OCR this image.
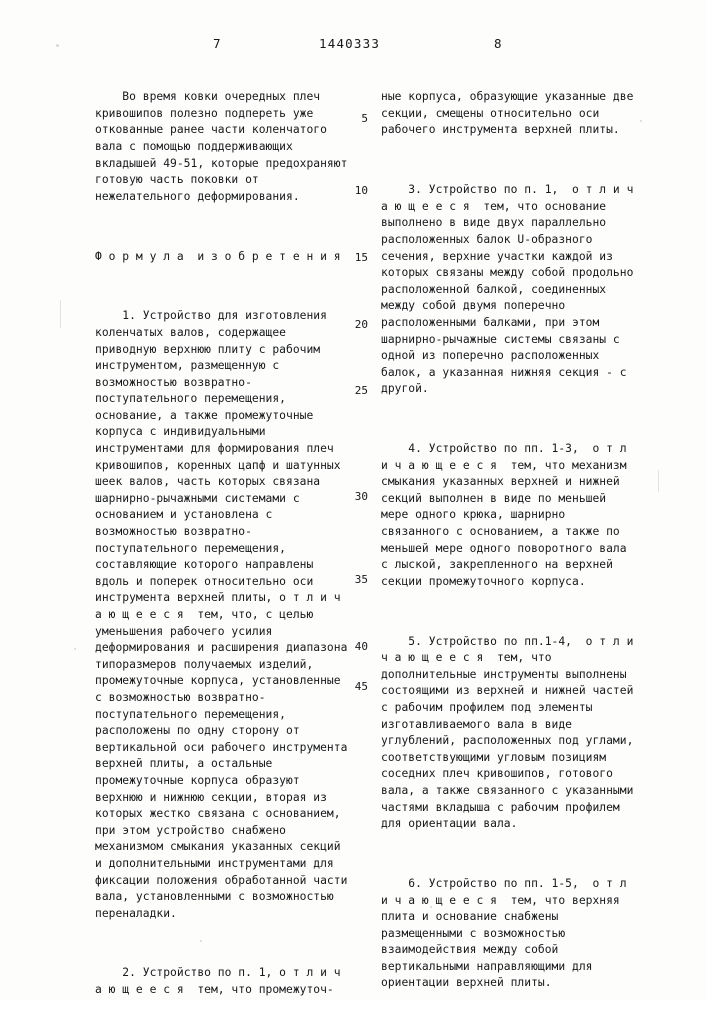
7	1440333	8

Во время ковки очередных плеч кривошипов полезно подпереть уже откованные ранее части коленчатого вала с помощью поддерживающих вкладышей 49-51, которые предохраняют готовую часть поковки от нежелательного деформирования.

Ф о р м у л а  и з о б р е т е н и я

1. Устройство для изготовления коленчатых валов, содержащее приводную верхнюю плиту с рабочим инструментом, размещенную с возможностью возвратно-поступательного перемещения, основание, а также промежуточные корпуса с индивидуальными инструментами для формирования плеч кривошипов, коренных цапф и шатунных шеек валов, часть которых связана шарнирно-рычажными системами с основанием и установлена с возможностью возвратно-поступательного перемещения, составляющие которого направлены вдоль и поперек относительно оси инструмента верхней плиты, о т л и ч а ю щ е е с я  тем, что, с целью уменьшения рабочего усилия деформирования и расширения диапазона типоразмеров получаемых изделий, промежуточные корпуса, установленные с возможностью возвратно-поступательного перемещения, расположены по одну сторону от вертикальной оси рабочего инструмента верхней плиты, а остальные промежуточные корпуса образуют верхнюю и нижнюю секции, вторая из которых жестко связана с основанием, при этом устройство снабжено механизмом смыкания указанных секций и дополнительными инструментами для фиксации положения обработанной части вала, установленными с возможностью переналадки.

2. Устройство по п. 1, о т л и ч а ю щ е е с я  тем, что промежуточ-

5
10
15
20
25
30
35
40
45

ные корпуса, образующие указанные две секции, смещены относительно оси рабочего инструмента верхней плиты.

3. Устройство по п. 1,  о т л и ч а ю щ е е с я  тем, что основание выполнено в виде двух параллельно расположенных балок U-образного сечения, верхние участки каждой из которых связаны между собой продольно расположенной балкой, соединенных между собой двумя поперечно расположенными балками, при этом шарнирно-рычажные системы связаны с одной из поперечно расположенных балок, а указанная нижняя секция - с другой.

4. Устройство по пп. 1-3,  о т л и ч а ю щ е е с я  тем, что механизм смыкания указанных верхней и нижней секций выполнен в виде по меньшей мере одного крюка, шарнирно связанного с основанием, а также по меньшей мере одного поворотного вала с лыской, закрепленного на верхней секции промежуточного корпуса.

5. Устройство по пп.1-4,  о т л и ч а ю щ е е с я  тем, что дополнительные инструменты выполнены состоящими из верхней и нижней частей с рабочим профилем под элементы изготавливаемого вала в виде углублений, расположенных под углами, соответствующими угловым позициям соседних плеч кривошипов, готового вала, а также связанного с указанными частями вкладыша с рабочим профилем для ориентации вала.

6. Устройство по пп. 1-5,  о т л и ч а ю щ е е с я  тем, что верхняя плита и основание снабжены размещенными с возможностью взаимодействия между собой вертикальными направляющими для ориентации верхней плиты.
